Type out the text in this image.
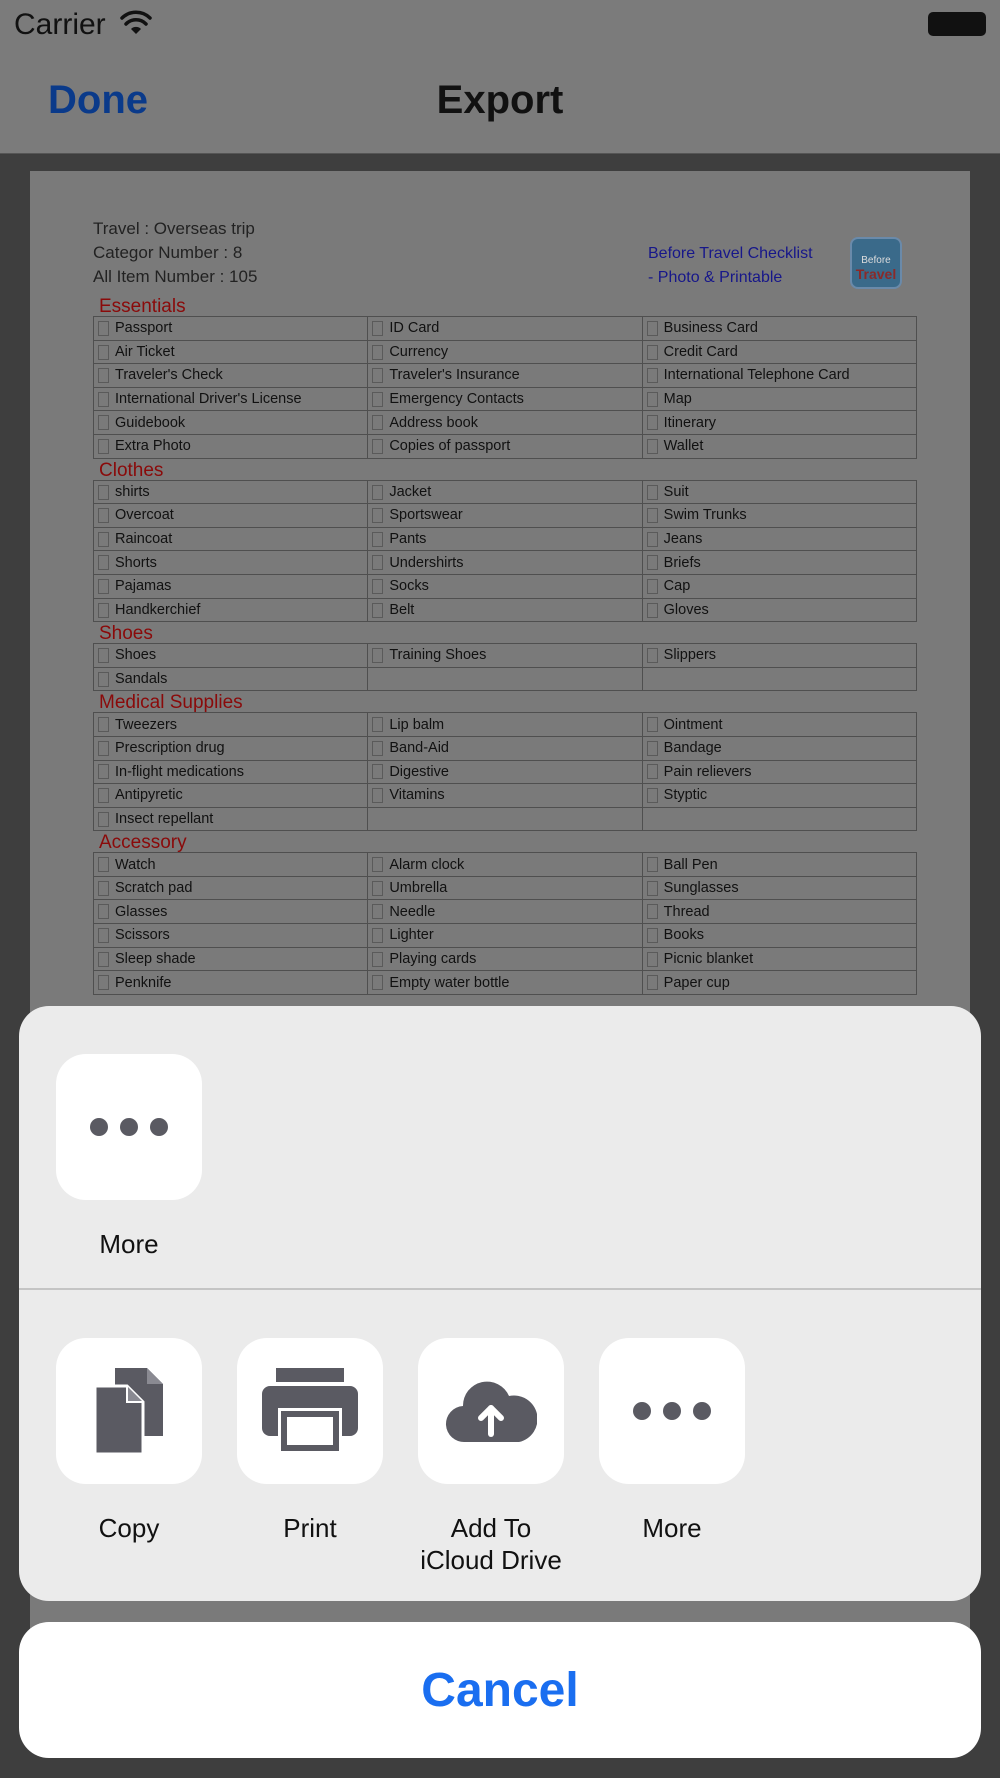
Carrier
Done	Export
Travel : Overseas trip
Categor Number : 8
All Item Number : 105
Before Travel Checklist
- Photo & Printable
Before
Travel
Essentials
Passport	ID Card	Business Card
Air Ticket	Currency	Credit Card
Traveler's Check	Traveler's Insurance	International Telephone Card
International Driver's License	Emergency Contacts	Map
Guidebook	Address book	Itinerary
Extra Photo	Copies of passport	Wallet
Clothes
shirts	Jacket	Suit
Overcoat	Sportswear	Swim Trunks
Raincoat	Pants	Jeans
Shorts	Undershirts	Briefs
Pajamas	Socks	Cap
Handkerchief	Belt	Gloves
Shoes
Shoes	Training Shoes	Slippers
Sandals		
Medical Supplies
Tweezers	Lip balm	Ointment
Prescription drug	Band-Aid	Bandage
In-flight medications	Digestive	Pain relievers
Antipyretic	Vitamins	Styptic
Insect repellant		
Accessory
Watch	Alarm clock	Ball Pen
Scratch pad	Umbrella	Sunglasses
Glasses	Needle	Thread
Scissors	Lighter	Books
Sleep shade	Playing cards	Picnic blanket
Penknife	Empty water bottle	Paper cup
More
Copy	Print	Add To
iCloud Drive
More
Cancel
